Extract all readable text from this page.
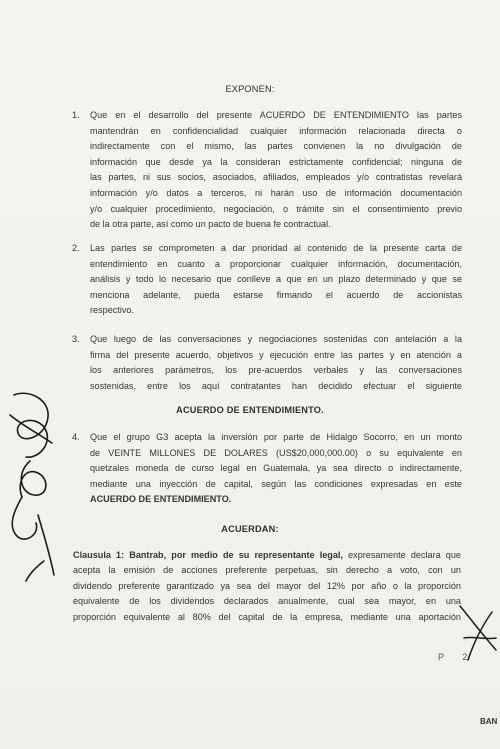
EXPONEN:
1. Que en el desarrollo del presente ACUERDO DE ENTENDIMIENTO las partes
mantendrán en confidencialidad cualquier información relacionada directa o
indirectamente con el mismo, las partes convienen la no divulgación de
información que desde ya la consideran estrictamente confidencial; ninguna de
las partes, ni sus socios, asociados, afiliados, empleados y/o contratistas revelará
información y/o datos a terceros, ni harán uso de información documentación
y/o cualquier procedimiento, negociación, o trámite sin el consentimiento previo
de la otra parte, así como un pacto de buena fe contractual.
2. Las partes se comprometen a dar prioridad al contenido de la presente carta de
entendimiento en cuanto a proporcionar cualquier información, documentación,
análisis y todo lo necesario que conlleve a que en un plazo determinado y que se
menciona adelante, pueda estarse firmando el acuerdo de accionistas
respectivo.
3. Que luego de las conversaciones y negociaciones sostenidas con antelación a la
firma del presente acuerdo, objetivos y ejecución entre las partes y en atención a
los anteriores parámetros, los pre-acuerdos verbales y las conversaciones
sostenidas, entre los aquí contratantes han decidido efectuar el siguiente
ACUERDO DE ENTENDIMIENTO.
4. Que el grupo G3 acepta la inversión por parte de Hidalgo Socorro, en un monto
de VEINTE MILLONES DE DOLARES (US$20,000,000.00) o su equivalente en
quetzales moneda de curso legal en Guatemala, ya sea directo o indirectamente,
mediante una inyección de capital, según las condiciones expresadas en este
ACUERDO DE ENTENDIMIENTO.
ACUERDAN:
Clausula 1: Bantrab, por medio de su representante legal, expresamente declara que
acepta la emisión de acciones preferente perpetuas, sin derecho a voto, con un
dividendo preferente garantizado ya sea del mayor del 12% por año o la proporción
equivalente de los dividendos declarados anualmente, cual sea mayor, en una
proporción equivalente al 80% del capital de la empresa, mediante una aportación
P 2
BAN
